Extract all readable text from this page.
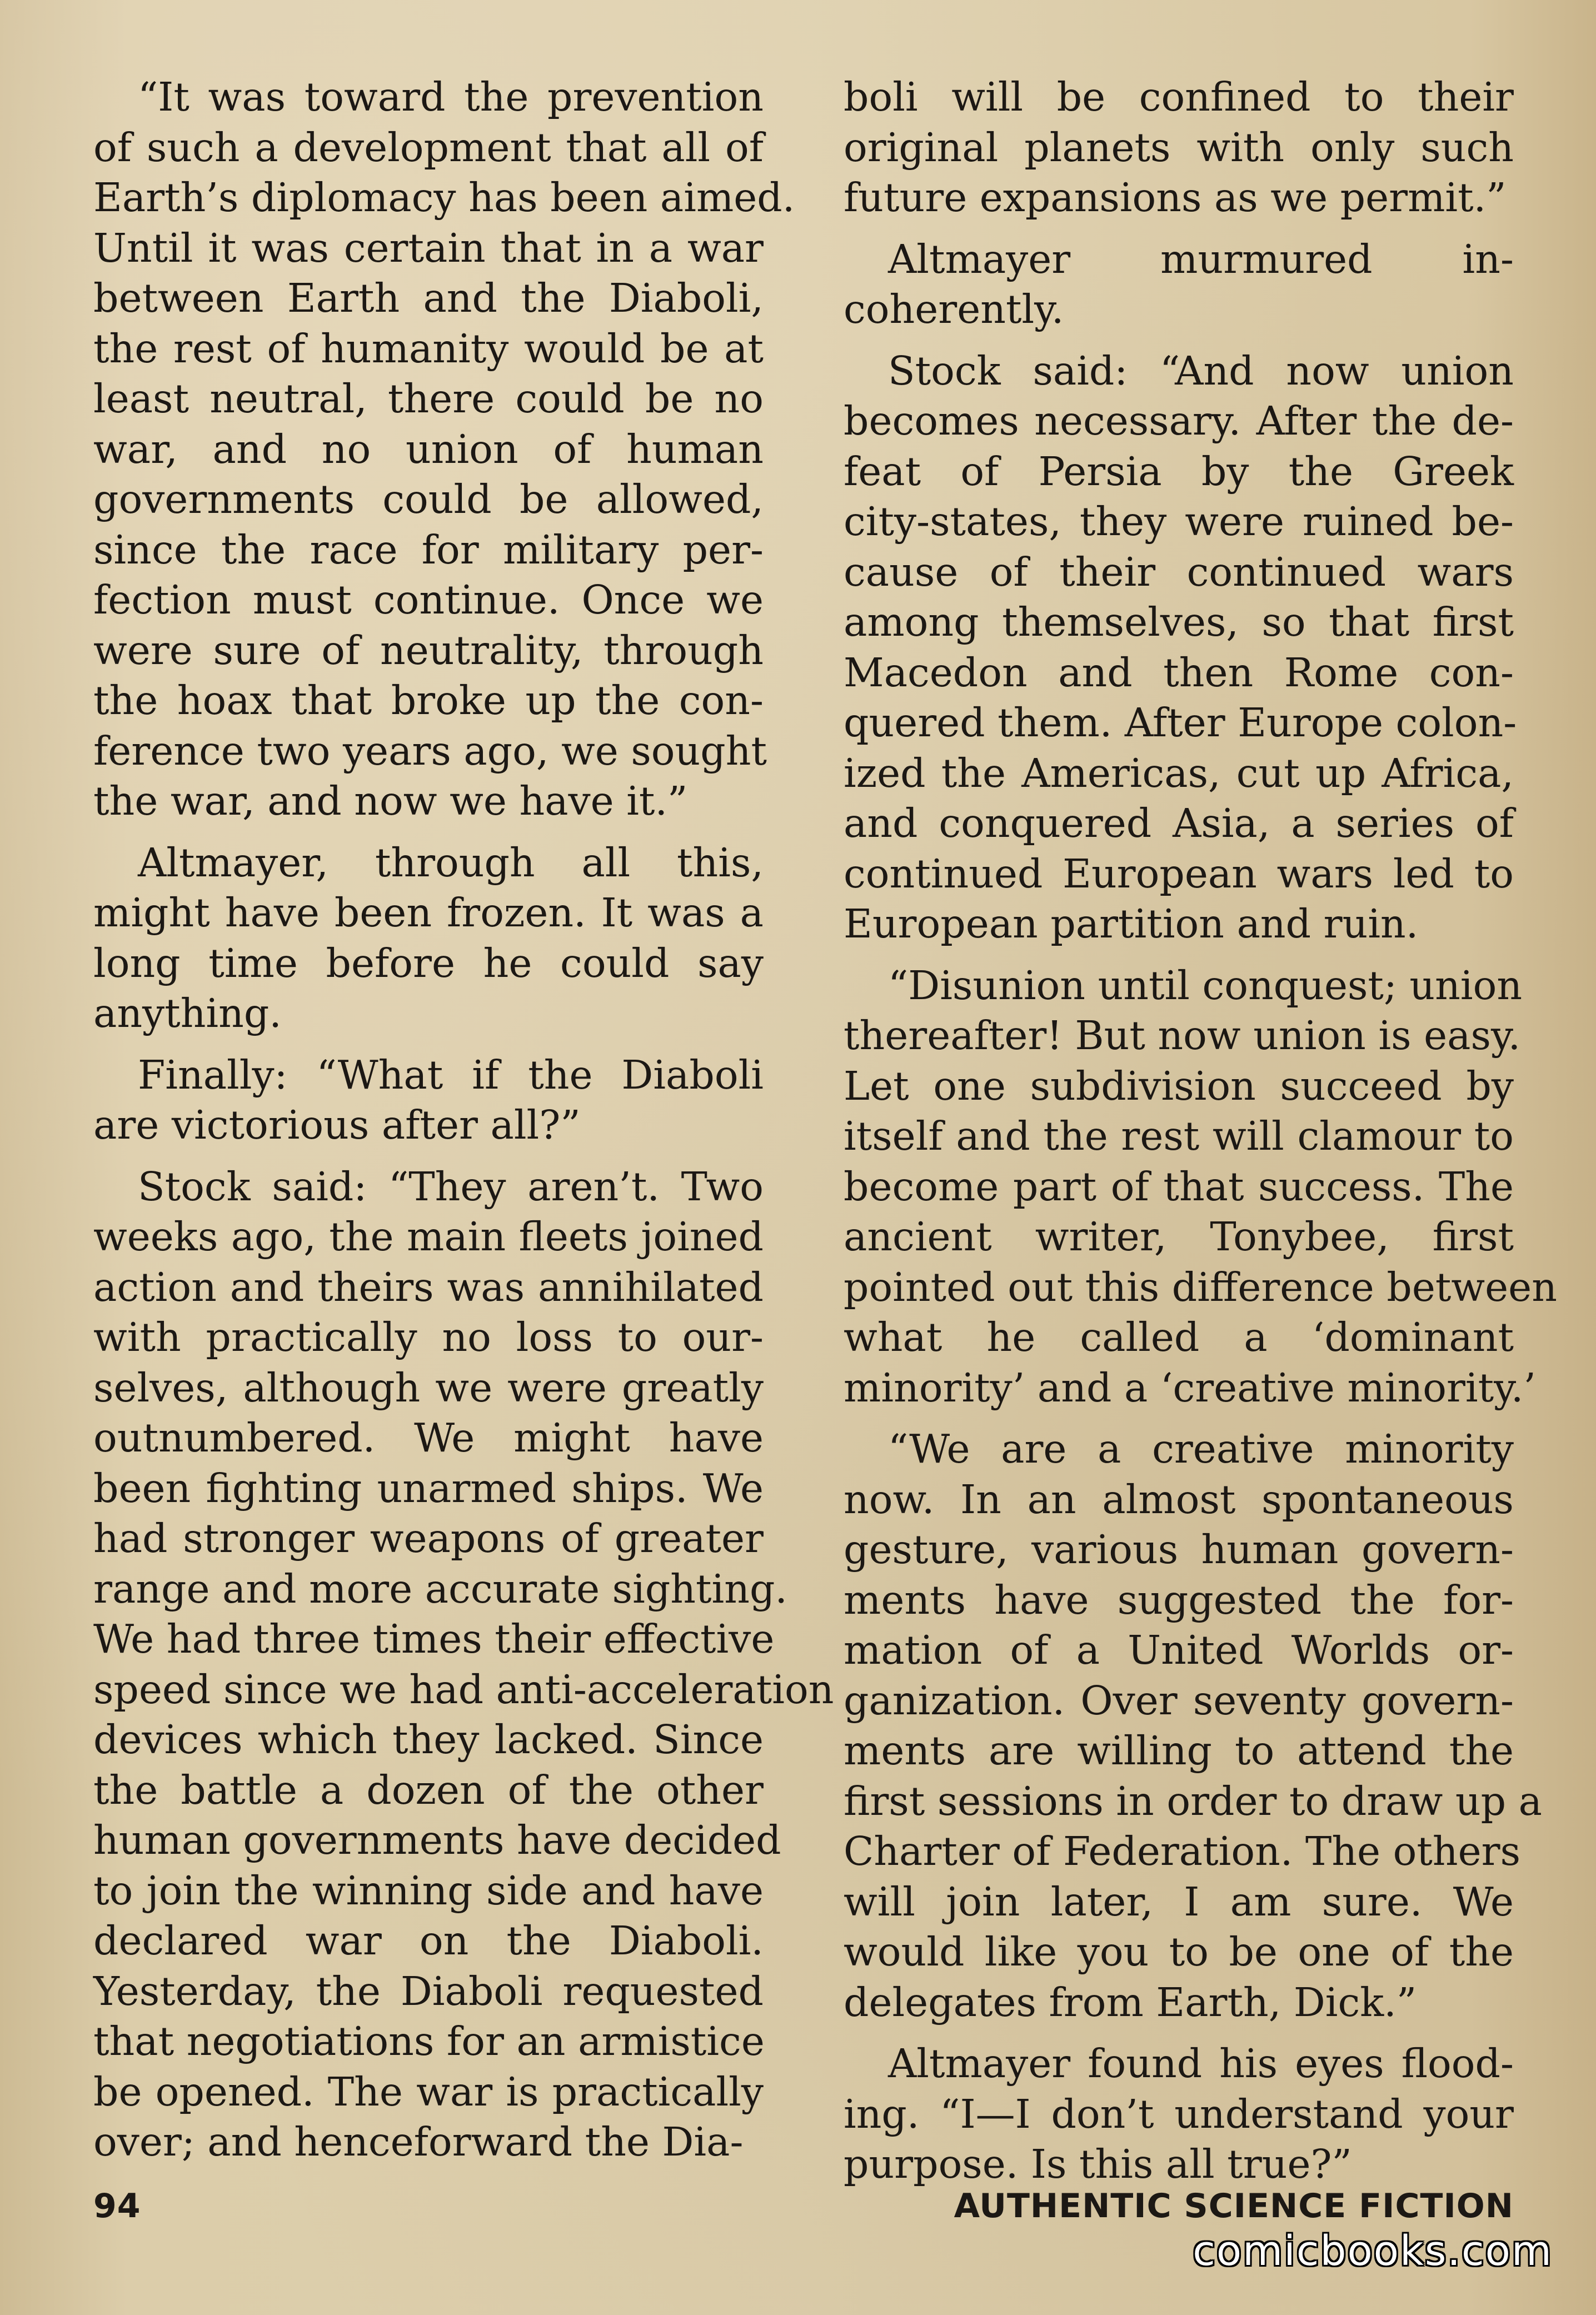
“It was toward the prevention
of such a development that all of
Earth’s diplomacy has been aimed.
Until it was certain that in a war
between Earth and the Diaboli,
the rest of humanity would be at
least neutral, there could be no
war, and no union of human
governments could be allowed,
since the race for military per-
fection must continue. Once we
were sure of neutrality, through
the hoax that broke up the con-
ference two years ago, we sought
the war, and now we have it.”
Altmayer, through all this,
might have been frozen. It was a
long time before he could say
anything.
Finally: “What if the Diaboli
are victorious after all?”
Stock said: “They aren’t. Two
weeks ago, the main fleets joined
action and theirs was annihilated
with practically no loss to our-
selves, although we were greatly
outnumbered. We might have
been fighting unarmed ships. We
had stronger weapons of greater
range and more accurate sighting.
We had three times their effective
speed since we had anti-acceleration
devices which they lacked. Since
the battle a dozen of the other
human governments have decided
to join the winning side and have
declared war on the Diaboli.
Yesterday, the Diaboli requested
that negotiations for an armistice
be opened. The war is practically
over; and henceforward the Dia-
boli will be confined to their
original planets with only such
future expansions as we permit.”
Altmayer murmured in-
coherently.
Stock said: “And now union
becomes necessary. After the de-
feat of Persia by the Greek
city-states, they were ruined be-
cause of their continued wars
among themselves, so that first
Macedon and then Rome con-
quered them. After Europe colon-
ized the Americas, cut up Africa,
and conquered Asia, a series of
continued European wars led to
European partition and ruin.
“Disunion until conquest; union
thereafter! But now union is easy.
Let one subdivision succeed by
itself and the rest will clamour to
become part of that success. The
ancient writer, Tonybee, first
pointed out this difference between
what he called a ‘dominant
minority’ and a ‘creative minority.’
“We are a creative minority
now. In an almost spontaneous
gesture, various human govern-
ments have suggested the for-
mation of a United Worlds or-
ganization. Over seventy govern-
ments are willing to attend the
first sessions in order to draw up a
Charter of Federation. The others
will join later, I am sure. We
would like you to be one of the
delegates from Earth, Dick.”
Altmayer found his eyes flood-
ing. “I—I don’t understand your
purpose. Is this all true?”
94	AUTHENTIC SCIENCE FICTION
comicbooks.com
